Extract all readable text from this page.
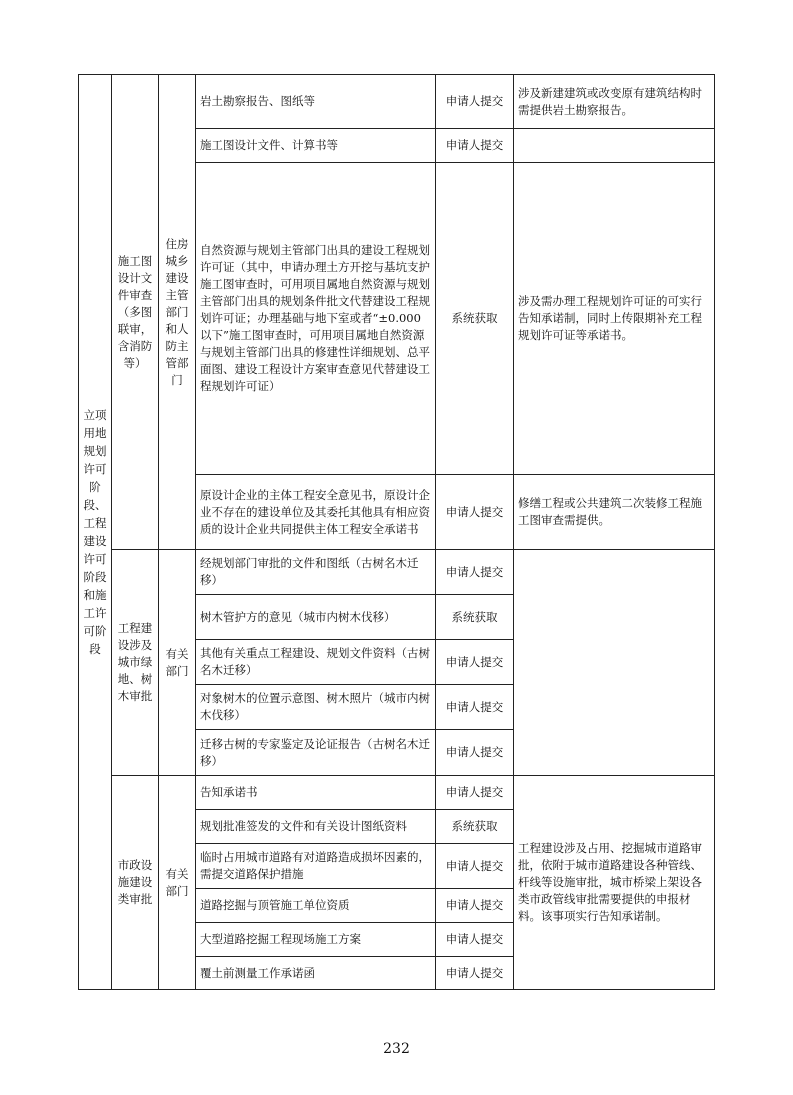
立项用地规划许可阶段、工程建设许可阶段和施工许可阶段	施工图设计文件审查（多图联审，含消防等）	住房城乡建设主管部门和人防主管部门	岩土勘察报告、图纸等	申请人提交	涉及新建建筑或改变原有建筑结构时需提供岩土勘察报告。
			施工图设计文件、计算书等	申请人提交	
			自然资源与规划主管部门出具的建设工程规划许可证（其中，申请办理土方开挖与基坑支护施工图审查时，可用项目属地自然资源与规划主管部门出具的规划条件批文代替建设工程规划许可证；办理基础与地下室或者“±0.000 以下”施工图审查时，可用项目属地自然资源与规划主管部门出具的修建性详细规划、总平面图、建设工程设计方案审查意见代替建设工程规划许可证）	系统获取	涉及需办理工程规划许可证的可实行告知承诺制，同时上传限期补充工程规划许可证等承诺书。
			原设计企业的主体工程安全意见书，原设计企业不存在的建设单位及其委托其他具有相应资质的设计企业共同提供主体工程安全承诺书	申请人提交	修缮工程或公共建筑二次装修工程施工图审查需提供。
	工程建设涉及城市绿地、树木审批	有关部门	经规划部门审批的文件和图纸（古树名木迁移）	申请人提交	
			树木管护方的意见（城市内树木伐移）	系统获取	
			其他有关重点工程建设、规划文件资料（古树名木迁移）	申请人提交	
			对象树木的位置示意图、树木照片（城市内树木伐移）	申请人提交	
			迁移古树的专家鉴定及论证报告（古树名木迁移）	申请人提交	
	市政设施建设类审批	有关部门	告知承诺书	申请人提交	工程建设涉及占用、挖掘城市道路审批，依附于城市道路建设各种管线、杆线等设施审批，城市桥梁上架设各类市政管线审批需要提供的申报材料。该事项实行告知承诺制。
			规划批准签发的文件和有关设计图纸资料	系统获取	
			临时占用城市道路有对道路造成损坏因素的，需提交道路保护措施	申请人提交	
			道路挖掘与顶管施工单位资质	申请人提交	
			大型道路挖掘工程现场施工方案	申请人提交	
			覆土前测量工作承诺函	申请人提交	
232
